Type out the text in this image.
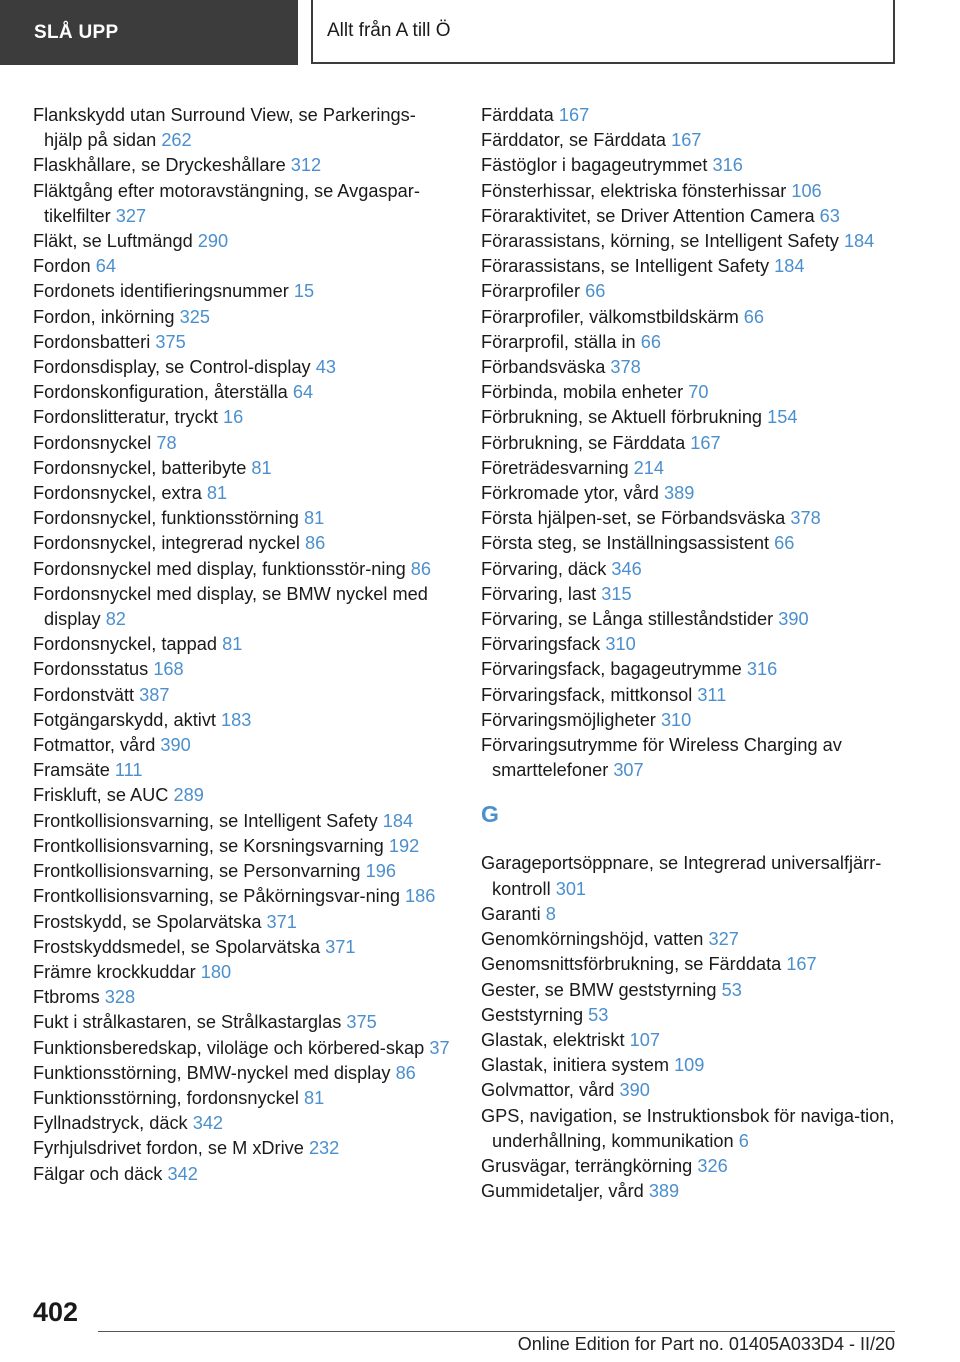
SLÅ UPP	Allt från A till Ö
Flankskydd utan Surround View, se Parkerings-hjälp på sidan 262
Flaskhållare, se Dryckeshållare 312
Fläktgång efter motoravstängning, se Avgaspar-tikelfilter 327
Fläkt, se Luftmängd 290
Fordon 64
Fordonets identifieringsnummer 15
Fordon, inkörning 325
Fordonsbatteri 375
Fordonsdisplay, se Control-display 43
Fordonskonfiguration, återställa 64
Fordonslitteratur, tryckt 16
Fordonsnyckel 78
Fordonsnyckel, batteribyte 81
Fordonsnyckel, extra 81
Fordonsnyckel, funktionsstörning 81
Fordonsnyckel, integrerad nyckel 86
Fordonsnyckel med display, funktionsstör-ning 86
Fordonsnyckel med display, se BMW nyckel med display 82
Fordonsnyckel, tappad 81
Fordonsstatus 168
Fordonstvätt 387
Fotgängarskydd, aktivt 183
Fotmattor, vård 390
Framsäte 111
Friskluft, se AUC 289
Frontkollisionsvarning, se Intelligent Safety 184
Frontkollisionsvarning, se Korsningsvarning 192
Frontkollisionsvarning, se Personvarning 196
Frontkollisionsvarning, se Påkörningsvar-ning 186
Frostskydd, se Spolarvätska 371
Frostskyddsmedel, se Spolarvätska 371
Främre krockkuddar 180
Ftbroms 328
Fukt i strålkastaren, se Strålkastarglas 375
Funktionsberedskap, viloläge och körbered-skap 37
Funktionsstörning, BMW-nyckel med display 86
Funktionsstörning, fordonsnyckel 81
Fyllnadstryck, däck 342
Fyrhjulsdrivet fordon, se M xDrive 232
Fälgar och däck 342
Färddata 167
Färddator, se Färddata 167
Fästöglor i bagageutrymmet 316
Fönsterhissar, elektriska fönsterhissar 106
Föraraktivitet, se Driver Attention Camera 63
Förarassistans, körning, se Intelligent Safety 184
Förarassistans, se Intelligent Safety 184
Förarprofiler 66
Förarprofiler, välkomstbildskärm 66
Förarprofil, ställa in 66
Förbandsväska 378
Förbinda, mobila enheter 70
Förbrukning, se Aktuell förbrukning 154
Förbrukning, se Färddata 167
Företrädesvarning 214
Förkromade ytor, vård 389
Första hjälpen-set, se Förbandsväska 378
Första steg, se Inställningsassistent 66
Förvaring, däck 346
Förvaring, last 315
Förvaring, se Långa stilleståndstider 390
Förvaringsfack 310
Förvaringsfack, bagageutrymme 316
Förvaringsfack, mittkonsol 311
Förvaringsmöjligheter 310
Förvaringsutrymme för Wireless Charging av smarttelefoner 307
G
Garageportsöppnare, se Integrerad universalfjärr-kontroll 301
Garanti 8
Genomkörningshöjd, vatten 327
Genomsnittsförbrukning, se Färddata 167
Gester, se BMW geststyrning 53
Geststyrning 53
Glastak, elektriskt 107
Glastak, initiera system 109
Golvmattor, vård 390
GPS, navigation, se Instruktionsbok för naviga-tion, underhållning, kommunikation 6
Grusvägar, terrängkörning 326
Gummidetaljer, vård 389
402
Online Edition for Part no. 01405A033D4 - II/20
